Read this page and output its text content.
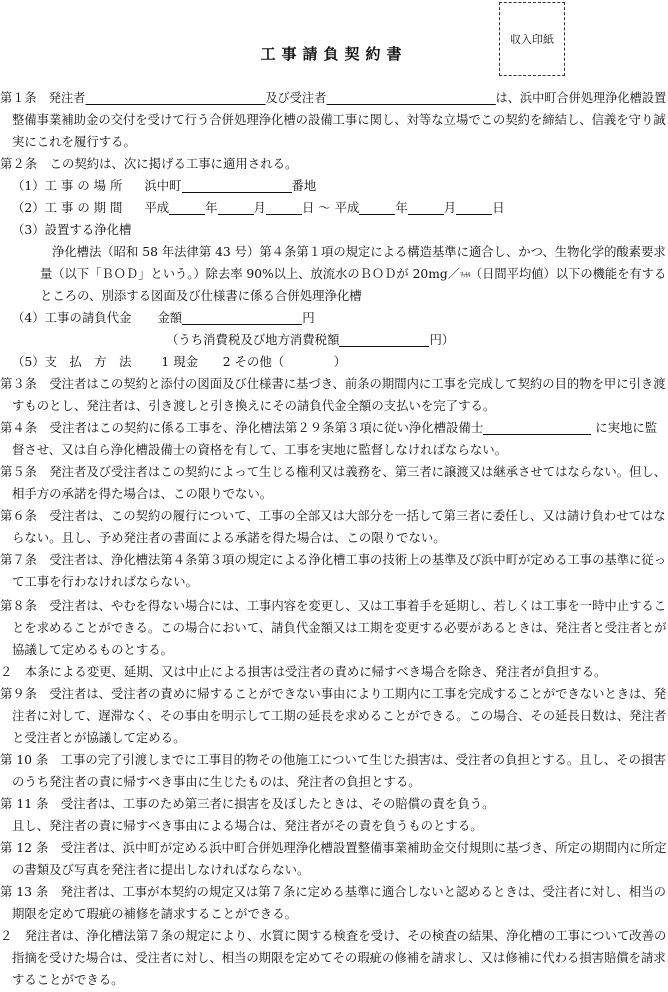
収入印紙
工事請負契約書
第１条　発注者	及び受注者	は、浜中町合併処理浄化槽設置
整備事業補助金の交付を受けて行う合併処理浄化槽の設備工事に関し、対等な立場でこの契約を締結し、信義を守り誠
実にこれを履行する。
第２条　この契約は、次に掲げる工事に適用される。
（1）工 事 の 場 所 浜中町	番地
（2）工 事 の 期 間 平成	年	月	日 ～ 平成	年	月	日
（3）設置する浄化槽
浄化槽法（昭和 58 年法律第 43 号）第４条第１項の規定による構造基準に適合し、かつ、生物化学的酸素要求
量（以下「ＢＯＤ」という。）除去率 90%以上、放流水のＢＯＤが 20mg／ﾘｯﾄﾙ（日間平均値）以下の機能を有する
ところの、別添する図面及び仕様書に係る合併処理浄化槽
（4）工事の請負代金 金額	円
（うち消費税及び地方消費税額	円）
（5）支　払　方　法 1 現金　　2 その他（　　　　）
第３条　受注者はこの契約と添付の図面及び仕様書に基づき、前条の期間内に工事を完成して契約の目的物を甲に引き渡
すものとし、発注者は、引き渡しと引き換えにその請負代金全額の支払いを完了する。
第４条　受注者はこの契約に係る工事を、浄化槽法第２９条第３項に従い浄化槽設備士	に実地に監
督させ、又は自ら浄化槽設備士の資格を有して、工事を実地に監督しなければならない。
第５条　発注者及び受注者はこの契約によって生じる権利又は義務を、第三者に譲渡又は継承させてはならない。但し、
相手方の承諾を得た場合は、この限りでない。
第６条　受注者は、この契約の履行について、工事の全部又は大部分を一括して第三者に委任し、又は請け負わせてはな
らない。且し、予め発注者の書面による承諾を得た場合は、この限りでない。
第７条　受注者は、浄化槽法第４条第３項の規定による浄化槽工事の技術上の基準及び浜中町が定める工事の基準に従っ
て工事を行わなければならない。
第８条　受注者は、やむを得ない場合には、工事内容を変更し、又は工事着手を延期し、若しくは工事を一時中止するこ
とを求めることができる。この場合において、請負代金額又は工期を変更する必要があるときは、発注者と受注者とが
協議して定めるものとする。
２　本条による変更、延期、又は中止による損害は受注者の責めに帰すべき場合を除き、発注者が負担する。
第９条　受注者は、受注者の責めに帰することができない事由により工期内に工事を完成することができないときは、発
注者に対して、遅滞なく、その事由を明示して工期の延長を求めることができる。この場合、その延長日数は、発注者
と受注者とが協議して定める。
第 10 条　工事の完了引渡しまでに工事目的物その他施工について生じた損害は、受注者の負担とする。且し、その損害
のうち発注者の責に帰すべき事由に生じたものは、発注者の負担とする。
第 11 条　受注者は、工事のため第三者に損害を及ぼしたときは、その賠償の責を負う。
且し、発注者の責に帰すべき事由による場合は、発注者がその責を負うものとする。
第 12 条　受注者は、浜中町が定める浜中町合併処理浄化槽設置整備事業補助金交付規則に基づき、所定の期間内に所定
の書類及び写真を発注者に提出しなければならない。
第 13 条　発注者は、工事が本契約の規定又は第７条に定める基準に適合しないと認めるときは、受注者に対し、相当の
期限を定めて瑕疵の補修を請求することができる。
２　発注者は、浄化槽法第７条の規定により、水質に関する検査を受け、その検査の結果、浄化槽の工事について改善の
指摘を受けた場合は、受注者に対し、相当の期限を定めてその瑕疵の修補を請求し、又は修補に代わる損害賠償を請求
することができる。
